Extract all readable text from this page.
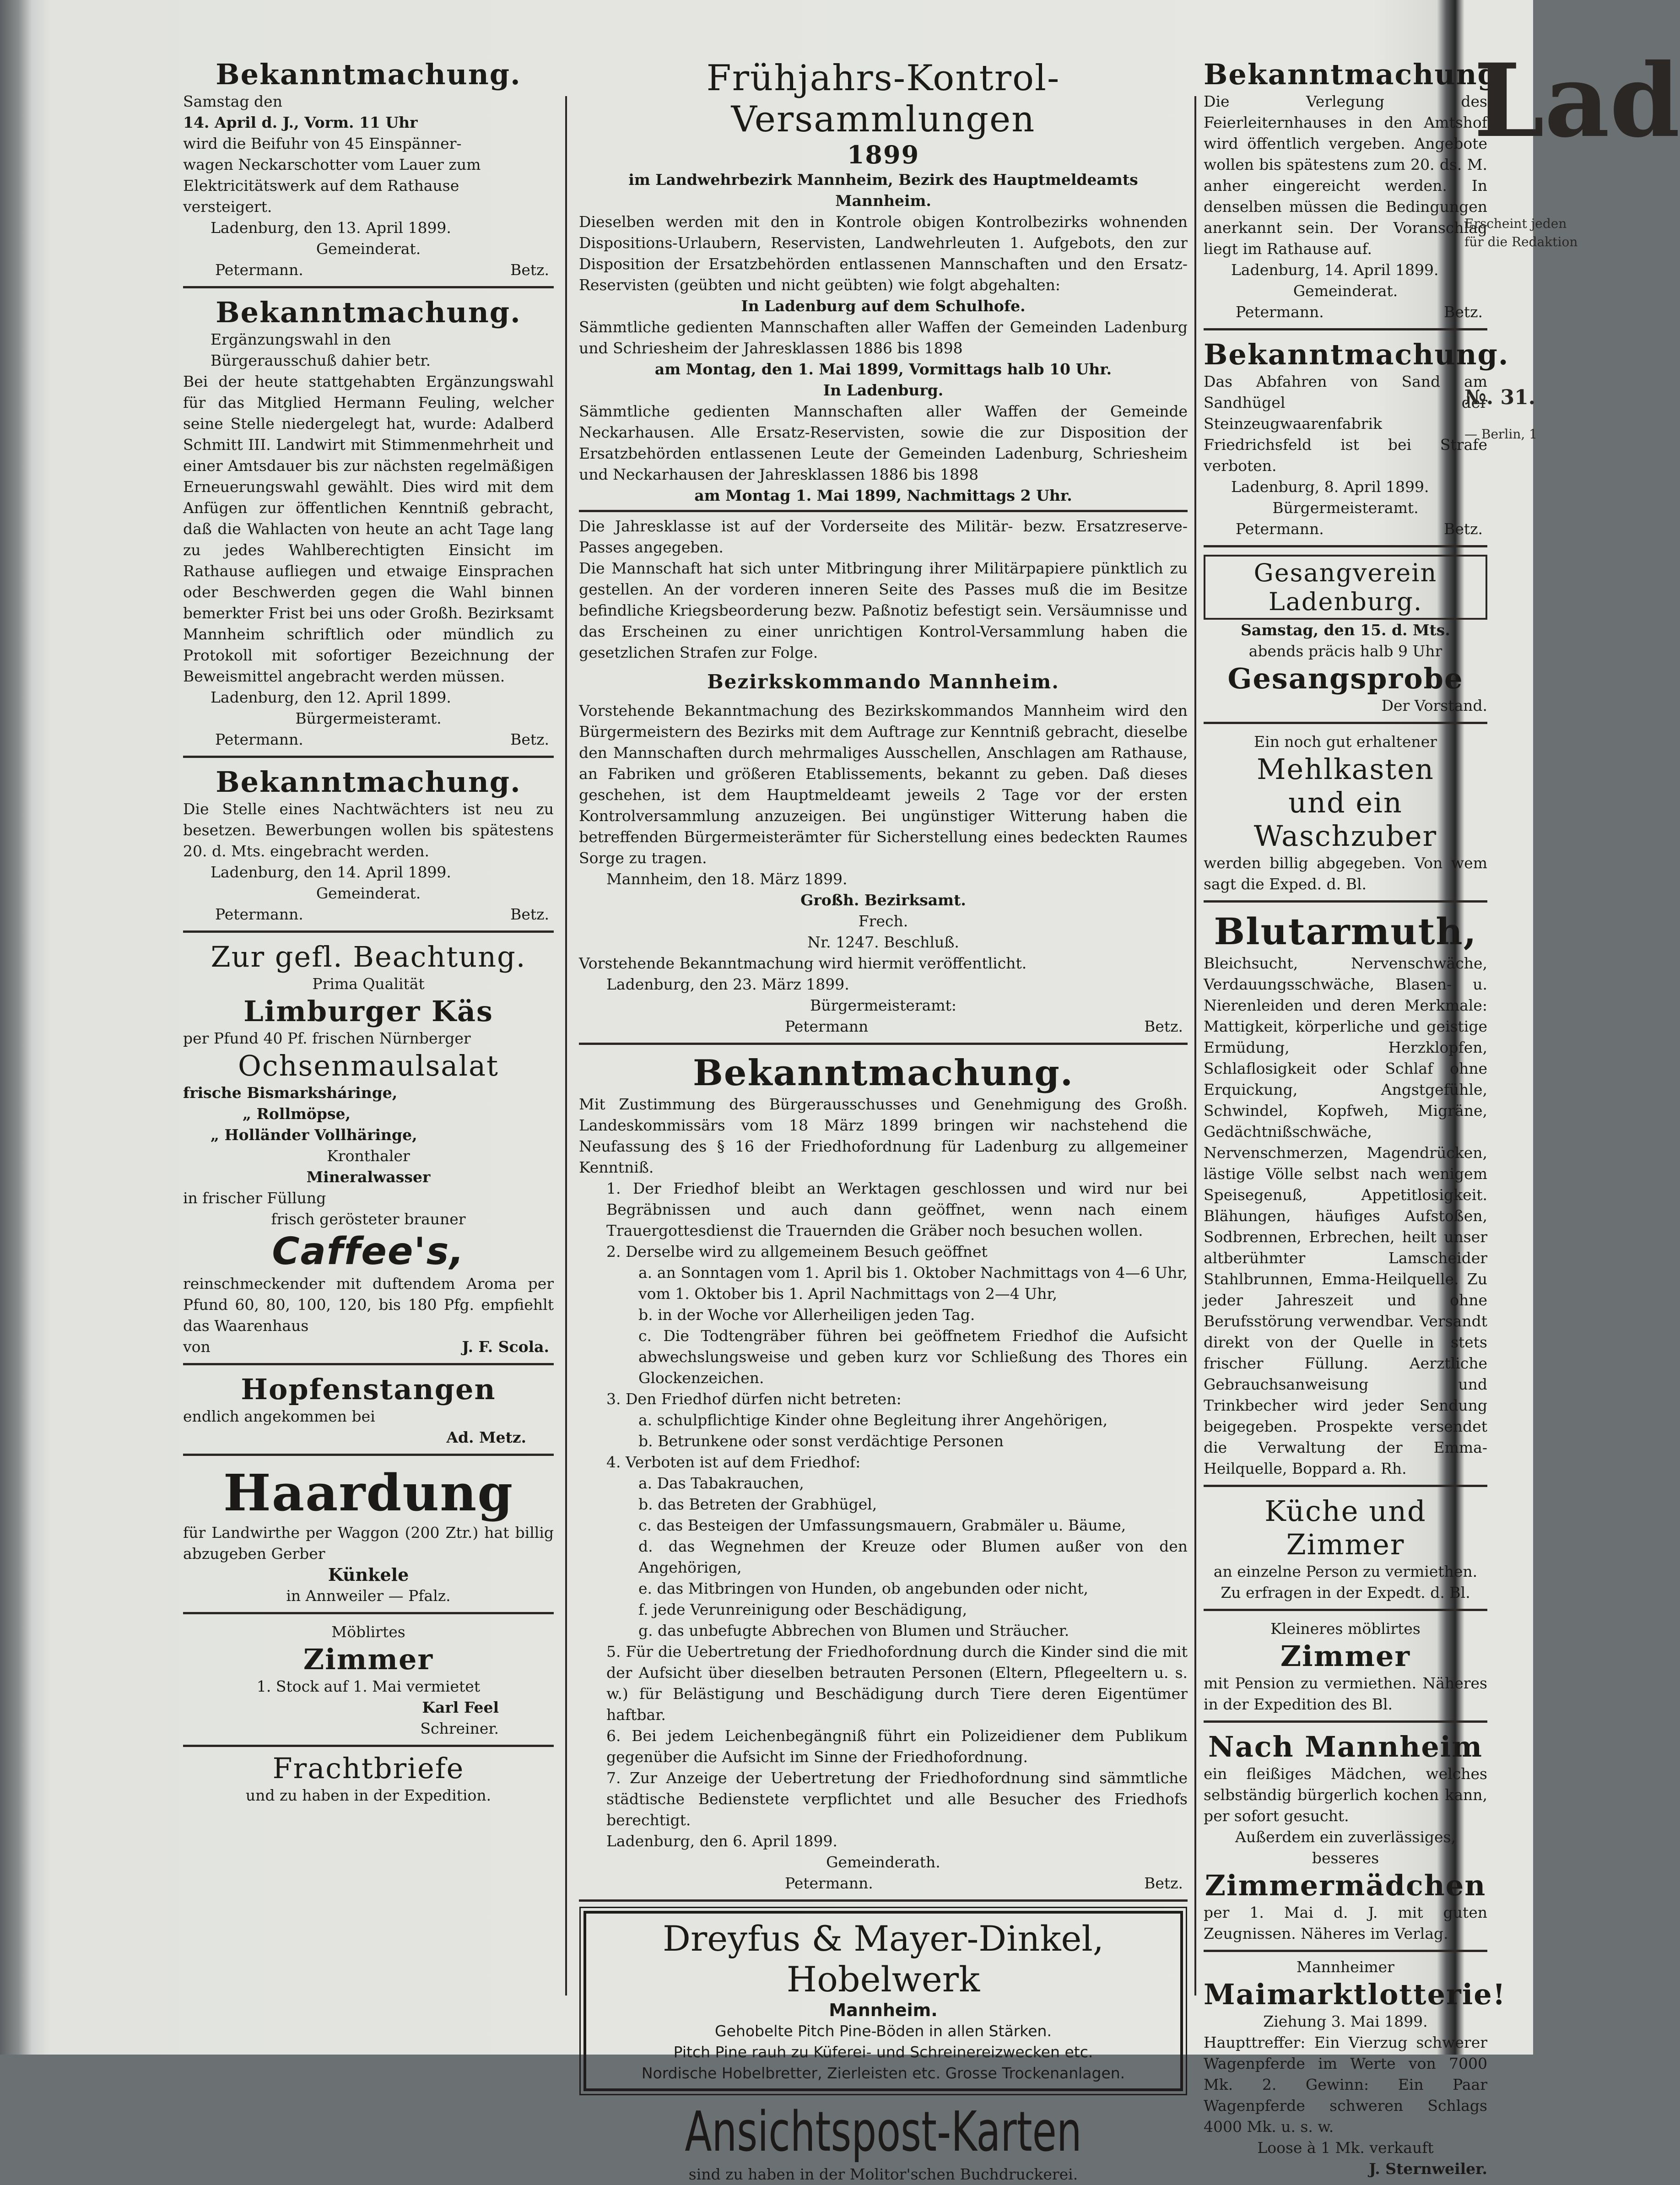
Bekanntmachung.

Samstag den

14. April d. J., Vorm. 11 Uhr

wird die Beifuhr von 45 Einspänner-

wagen Neckarschotter vom Lauer zum

Elektricitätswerk auf dem Rathause

versteigert.

Ladenburg, den 13. April 1899.

Gemeinderat.

Petermann.	Betz.
Bekanntmachung.

Ergänzungswahl in den

Bürgerausschuß dahier betr.

Bei der heute stattgehabten Ergänzungswahl für das Mitglied Hermann Feuling, welcher seine Stelle niedergelegt hat, wurde: Adalberd Schmitt III. Landwirt mit Stimmenmehrheit und einer Amtsdauer bis zur nächsten regelmäßigen Erneuerungswahl gewählt. Dies wird mit dem Anfügen zur öffentlichen Kenntniß gebracht, daß die Wahlacten von heute an acht Tage lang zu jedes Wahlberechtigten Einsicht im Rathause aufliegen und etwaige Einsprachen oder Beschwerden gegen die Wahl binnen bemerkter Frist bei uns oder Großh. Bezirksamt Mannheim schriftlich oder mündlich zu Protokoll mit sofortiger Bezeichnung der Beweismittel angebracht werden müssen.

Ladenburg, den 12. April 1899.

Bürgermeisteramt.

Petermann.	Betz.
Bekanntmachung.

Die Stelle eines Nachtwächters ist neu zu besetzen. Bewerbungen wollen bis spätestens 20. d. Mts. eingebracht werden.

Ladenburg, den 14. April 1899.

Gemeinderat.

Petermann.	Betz.
Zur gefl. Beachtung.

Prima Qualität

Limburger Käs

per Pfund 40 Pf. frischen Nürnberger

Ochsenmaulsalat

frische Bismarksháringe,

„ Rollmöpse,

„ Holländer Vollhäringe,

Kronthaler

Mineralwasser

in frischer Füllung

frisch gerösteter brauner

Caffee's,

reinschmeckender mit duftendem Aroma per Pfund 60, 80, 100, 120, bis 180 Pfg. empfiehlt das Waarenhaus

von	J. F. Scola.
Hopfenstangen

endlich angekommen bei

Ad. Metz.

Haardung

für Landwirthe per Waggon (200 Ztr.) hat billig abzugeben Gerber

Künkele

in Annweiler — Pfalz.

Möblirtes

Zimmer

1. Stock auf 1. Mai vermietet

Karl Feel

Schreiner.

Frachtbriefe

und zu haben in der Expedition.

Frühjahrs-Kontrol-Versammlungen
1899

im Landwehrbezirk Mannheim, Bezirk des Hauptmeldeamts Mannheim.

Dieselben werden mit den in Kontrole obigen Kontrolbezirks wohnenden Dispositions-Urlaubern, Reservisten, Landwehrleuten 1. Aufgebots, den zur Disposition der Ersatzbehörden entlassenen Mannschaften und den Ersatz-Reservisten (geübten und nicht geübten) wie folgt abgehalten:

In Ladenburg auf dem Schulhofe.

Sämmtliche gedienten Mannschaften aller Waffen der Gemeinden Ladenburg und Schriesheim der Jahresklassen 1886 bis 1898

am Montag, den 1. Mai 1899, Vormittags halb 10 Uhr.

In Ladenburg.

Sämmtliche gedienten Mannschaften aller Waffen der Gemeinde Neckarhausen. Alle Ersatz-Reservisten, sowie die zur Disposition der Ersatzbehörden entlassenen Leute der Gemeinden Ladenburg, Schriesheim und Neckarhausen der Jahresklassen 1886 bis 1898

am Montag 1. Mai 1899, Nachmittags 2 Uhr.

Die Jahresklasse ist auf der Vorderseite des Militär- bezw. Ersatzreserve-Passes angegeben.

Die Mannschaft hat sich unter Mitbringung ihrer Militärpapiere pünktlich zu gestellen. An der vorderen inneren Seite des Passes muß die im Besitze befindliche Kriegsbeorderung bezw. Paßnotiz befestigt sein. Versäumnisse und das Erscheinen zu einer unrichtigen Kontrol-Versammlung haben die gesetzlichen Strafen zur Folge.

Bezirkskommando Mannheim.

Vorstehende Bekanntmachung des Bezirkskommandos Mannheim wird den Bürgermeistern des Bezirks mit dem Auftrage zur Kenntniß gebracht, dieselbe den Mannschaften durch mehrmaliges Ausschellen, Anschlagen am Rathause, an Fabriken und größeren Etablissements, bekannt zu geben. Daß dieses geschehen, ist dem Hauptmeldeamt jeweils 2 Tage vor der ersten Kontrolversammlung anzuzeigen. Bei ungünstiger Witterung haben die betreffenden Bürgermeisterämter für Sicherstellung eines bedeckten Raumes Sorge zu tragen.

Mannheim, den 18. März 1899.

Großh. Bezirksamt.

Frech.

Nr. 1247. Beschluß.

Vorstehende Bekanntmachung wird hiermit veröffentlicht.

Ladenburg, den 23. März 1899.

Bürgermeisteramt:

Petermann	Betz.
Bekanntmachung.

Mit Zustimmung des Bürgerausschusses und Genehmigung des Großh. Landeskommissärs vom 18 März 1899 bringen wir nachstehend die Neufassung des § 16 der Friedhofordnung für Ladenburg zu allgemeiner Kenntniß.

1. Der Friedhof bleibt an Werktagen geschlossen und wird nur bei Begräbnissen und auch dann geöffnet, wenn nach einem Trauergottesdienst die Trauernden die Gräber noch besuchen wollen.

2. Derselbe wird zu allgemeinem Besuch geöffnet

a. an Sonntagen vom 1. April bis 1. Oktober Nachmittags von 4—6 Uhr, vom 1. Oktober bis 1. April Nachmittags von 2—4 Uhr,

b. in der Woche vor Allerheiligen jeden Tag.

c. Die Todtengräber führen bei geöffnetem Friedhof die Aufsicht abwechslungsweise und geben kurz vor Schließung des Thores ein Glockenzeichen.

3. Den Friedhof dürfen nicht betreten:

a. schulpflichtige Kinder ohne Begleitung ihrer Angehörigen,

b. Betrunkene oder sonst verdächtige Personen

4. Verboten ist auf dem Friedhof:

a. Das Tabakrauchen,

b. das Betreten der Grabhügel,

c. das Besteigen der Umfassungsmauern, Grabmäler u. Bäume,

d. das Wegnehmen der Kreuze oder Blumen außer von den Angehörigen,

e. das Mitbringen von Hunden, ob angebunden oder nicht,

f. jede Verunreinigung oder Beschädigung,

g. das unbefugte Abbrechen von Blumen und Sträucher.

5. Für die Uebertretung der Friedhofordnung durch die Kinder sind die mit der Aufsicht über dieselben betrauten Personen (Eltern, Pflegeeltern u. s. w.) für Belästigung und Beschädigung durch Tiere deren Eigentümer haftbar.

6. Bei jedem Leichenbegängniß führt ein Polizeidiener dem Publikum gegenüber die Aufsicht im Sinne der Friedhofordnung.

7. Zur Anzeige der Uebertretung der Friedhofordnung sind sämmtliche städtische Bedienstete verpflichtet und alle Besucher des Friedhofs berechtigt.

Ladenburg, den 6. April 1899.

Gemeinderath.

Petermann.	Betz.
Dreyfus & Mayer-Dinkel, Hobelwerk

Mannheim.

Gehobelte Pitch Pine-Böden in allen Stärken.

Pitch Pine rauh zu Küferei- und Schreinereizwecken etc.

Nordische Hobelbretter, Zierleisten etc. Grosse Trockenanlagen.

Ansichtspost-Karten

sind zu haben in der Molitor'schen Buchdruckerei.

Bekanntmachung.

Die Verlegung des Feierleiternhauses in den Amtshof wird öffentlich vergeben. Angebote wollen bis spätestens zum 20. ds. M. anher eingereicht werden. In denselben müssen die Bedingungen anerkannt sein. Der Voranschlag liegt im Rathause auf.

Ladenburg, 14. April 1899.

Gemeinderat.

Petermann.	Betz.
Bekanntmachung.

Das Abfahren von Sand am Sandhügel der Steinzeugwaarenfabrik Friedrichsfeld ist bei Strafe verboten.

Ladenburg, 8. April 1899.

Bürgermeisteramt.

Petermann.	Betz.
Gesangverein Ladenburg.

Samstag, den 15. d. Mts.

abends präcis halb 9 Uhr

Gesangsprobe

Der Vorstand.

Ein noch gut erhaltener

Mehlkasten
und ein Waschzuber

werden billig abgegeben. Von wem sagt die Exped. d. Bl.

Blutarmuth,

Bleichsucht, Nervenschwäche, Verdauungsschwäche, Blasen- u. Nierenleiden und deren Merkmale: Mattigkeit, körperliche und geistige Ermüdung, Herzklopfen, Schlaflosigkeit oder Schlaf ohne Erquickung, Angstgefühle, Schwindel, Kopfweh, Migräne, Gedächtnißschwäche, Nervenschmerzen, Magendrücken, lästige Völle selbst nach wenigem Speisegenuß, Appetitlosigkeit. Blähungen, häufiges Aufstoßen, Sodbrennen, Erbrechen, heilt unser altberühmter Lamscheider Stahlbrunnen, Emma-Heilquelle. Zu jeder Jahreszeit und ohne Berufsstörung verwendbar. Versandt direkt von der Quelle in stets frischer Füllung. Aerztliche Gebrauchsanweisung und Trinkbecher wird jeder Sendung beigegeben. Prospekte versendet die Verwaltung der Emma-Heilquelle, Boppard a. Rh.

Küche und Zimmer

an einzelne Person zu vermiethen.

Zu erfragen in der Expedt. d. Bl.

Kleineres möblirtes

Zimmer

mit Pension zu vermiethen. Näheres in der Expedition des Bl.

Nach Mannheim

ein fleißiges Mädchen, welches selbständig bürgerlich kochen kann, per sofort gesucht.

Außerdem ein zuverlässiges, besseres

Zimmermädchen

per 1. Mai d. J. mit guten Zeugnissen. Näheres im Verlag.

Mannheimer

Maimarktlotterie!

Ziehung 3. Mai 1899.

Haupttreffer: Ein Vierzug schwerer Wagenpferde im Werte von 7000 Mk. 2. Gewinn: Ein Paar Wagenpferde schweren Schlags 4000 Mk. u. s. w.

Loose à 1 Mk. verkauft

J. Sternweiler.

Lad
Erscheint jeden
für die Redaktion
№. 31.
— Berlin, 1
